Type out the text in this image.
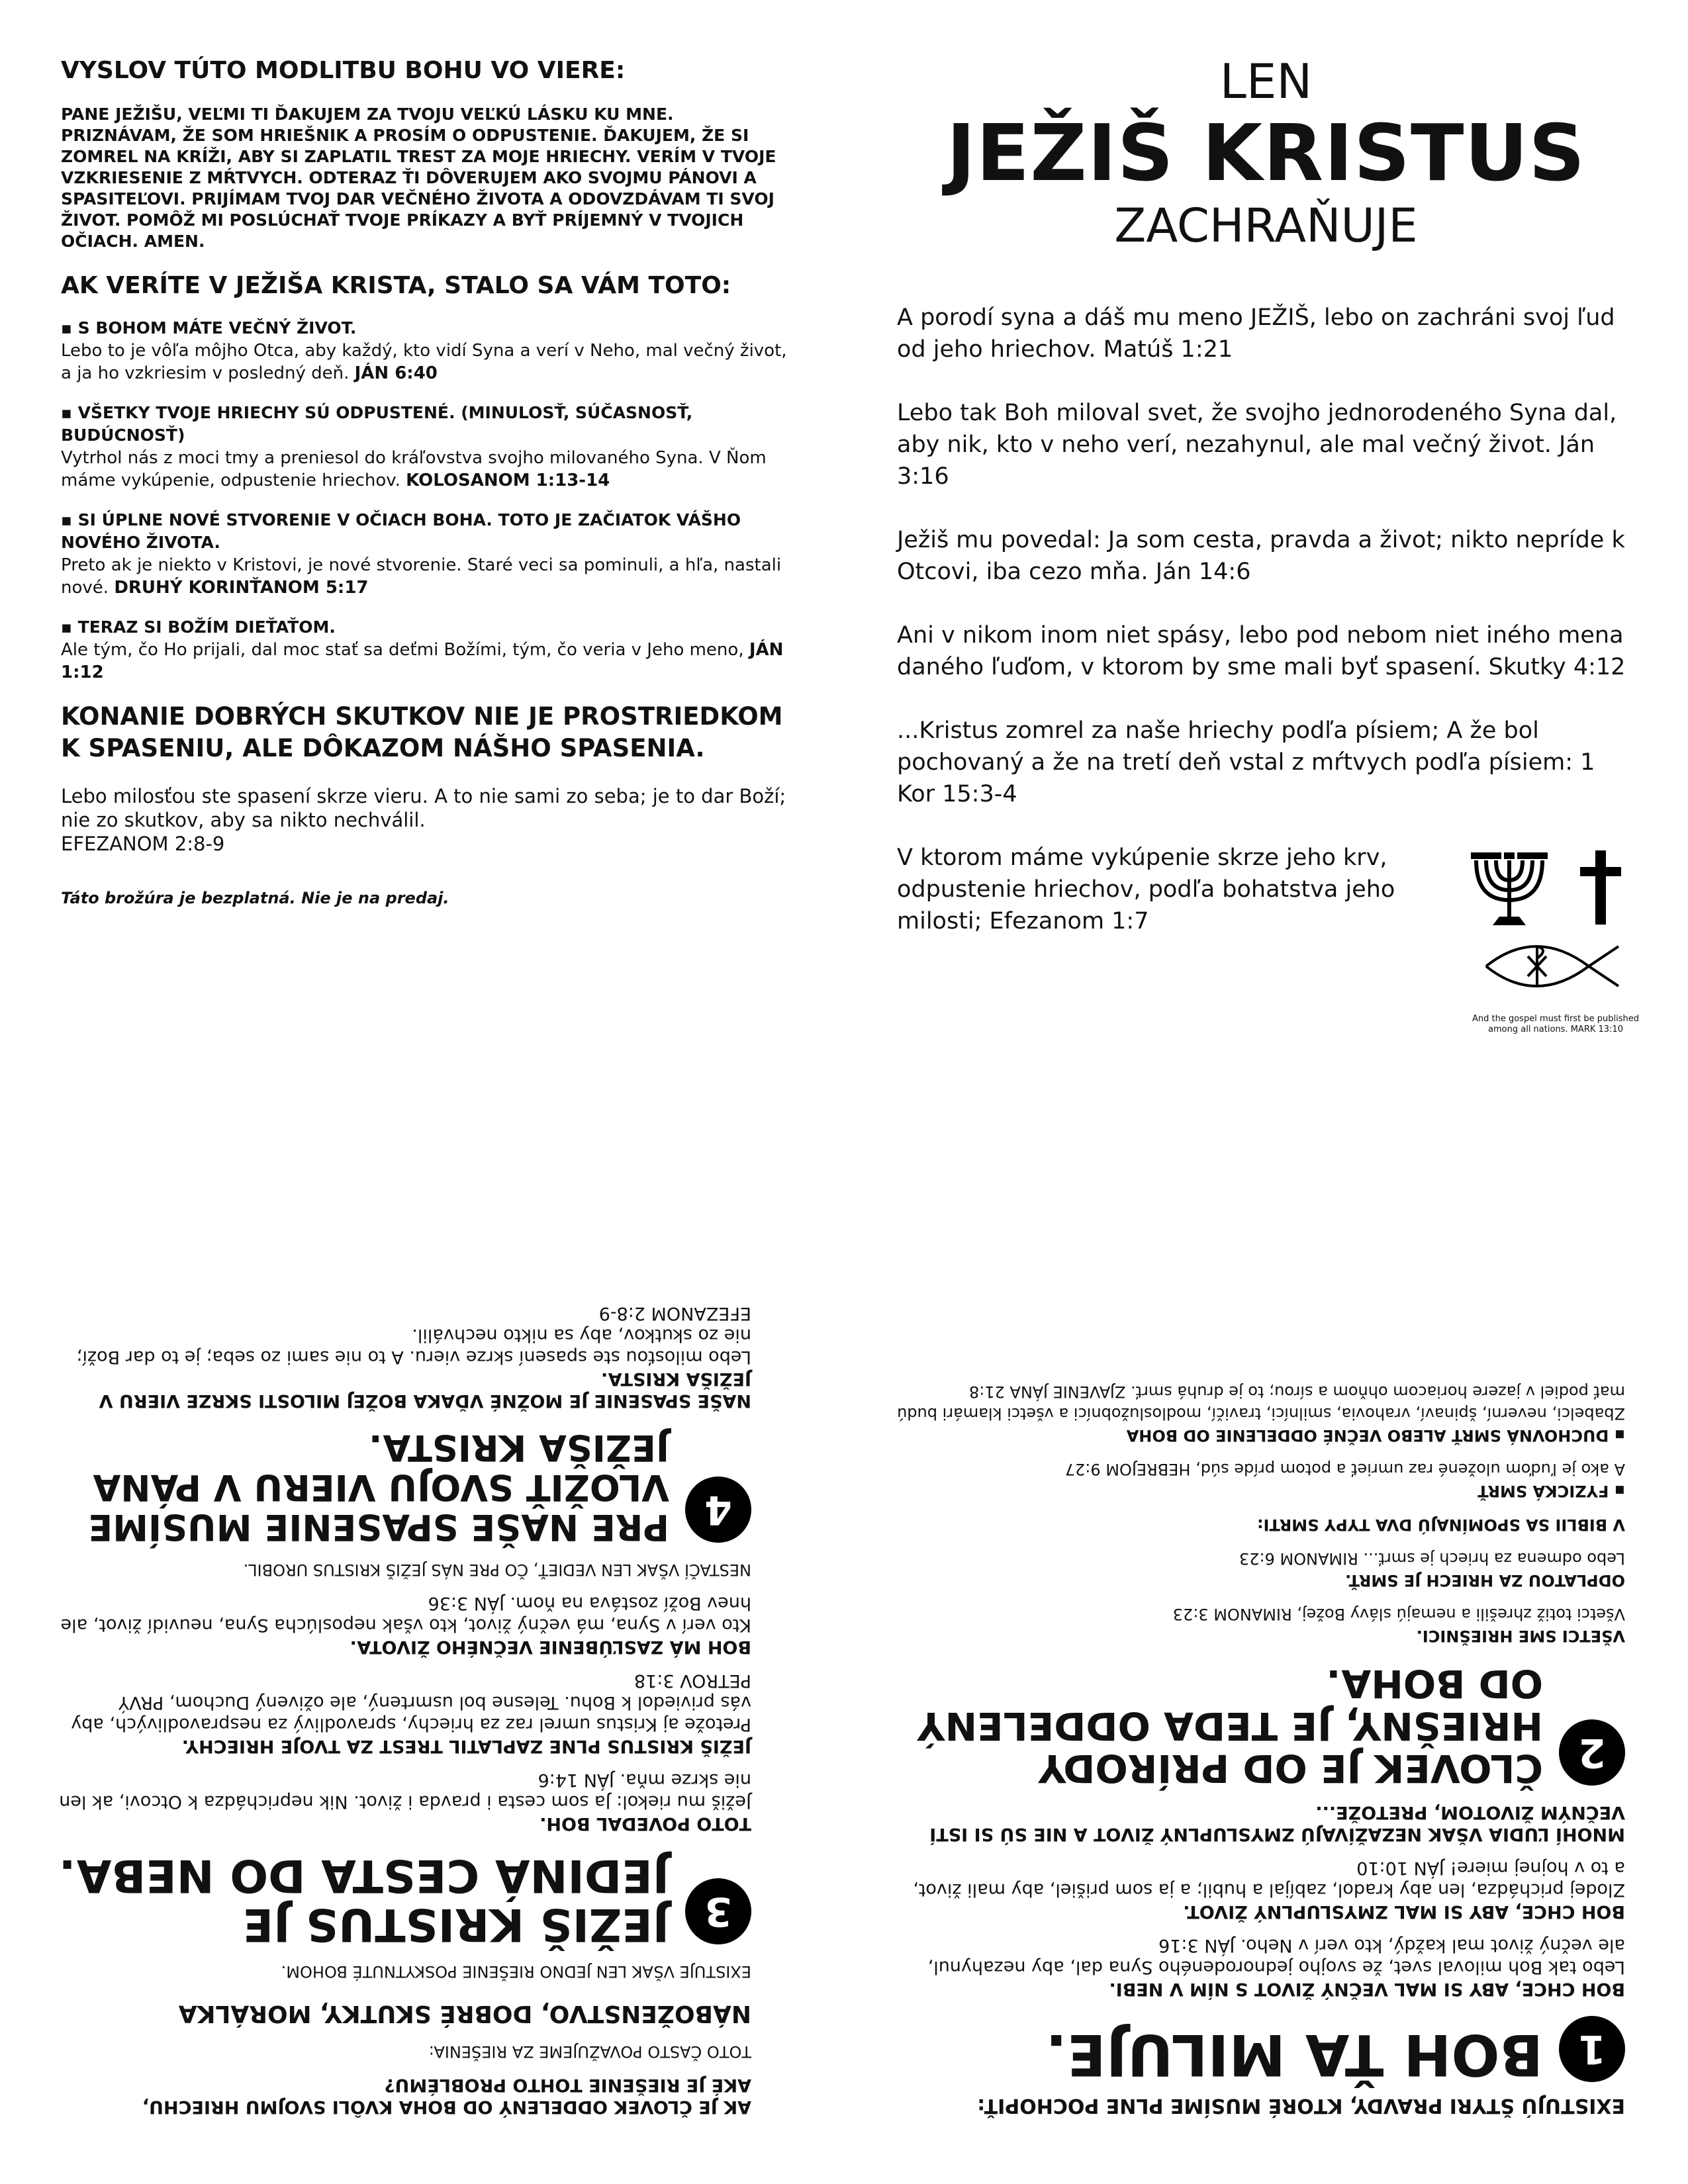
VYSLOV TÚTO MODLITBU BOHU VO VIERE:
PANE JEŽIŠU, VEĽMI TI ĎAKUJEM ZA TVOJU VEĽKÚ LÁSKU KU MNE. PRIZNÁVAM, ŽE SOM HRIEŠNIK A PROSÍM O ODPUSTENIE. ĎAKUJEM, ŽE SI ZOMREL NA KRÍŽI, ABY SI ZAPLATIL TREST ZA MOJE HRIECHY. VERÍM V TVOJE VZKRIESENIE Z MŔTVYCH. ODTERAZ ŤI DÔVERUJEM AKO SVOJMU PÁNOVI A SPASITEĽOVI. PRIJÍMAM TVOJ DAR VEČNÉHO ŽIVOTA A ODOVZDÁVAM TI SVOJ ŽIVOT. POMÔŽ MI POSLÚCHAŤ TVOJE PRÍKAZY A BYŤ PRÍJEMNÝ V TVOJICH OČIACH. AMEN.
AK VERÍTE V JEŽIŠA KRISTA, STALO SA VÁM TOTO:
▪ S BOHOM MÁTE VEČNÝ ŽIVOT.
Lebo to je vôľa môjho Otca, aby každý, kto vidí Syna a verí v Neho, mal večný život, a ja ho vzkriesim v posledný deň. JÁN 6:40
▪ VŠETKY TVOJE HRIECHY SÚ ODPUSTENÉ. (MINULOSŤ, SÚČASNOSŤ, BUDÚCNOSŤ)
Vytrhol nás z moci tmy a preniesol do kráľovstva svojho milovaného Syna. V Ňom máme vykúpenie, odpustenie hriechov. KOLOSANOM 1:13-14
▪ SI ÚPLNE NOVÉ STVORENIE V OČIACH BOHA. TOTO JE ZAČIATOK VÁŠHO NOVÉHO ŽIVOTA.
Preto ak je niekto v Kristovi, je nové stvorenie. Staré veci sa pominuli, a hľa, nastali nové. DRUHÝ KORINŤANOM 5:17
▪ TERAZ SI BOŽÍM DIEŤAŤOM.
Ale tým, čo Ho prijali, dal moc stať sa deťmi Božími, tým, čo veria v Jeho meno, JÁN 1:12
KONANIE DOBRÝCH SKUTKOV NIE JE PROSTRIEDKOM K SPASENIU, ALE DÔKAZOM NÁŠHO SPASENIA.
Lebo milosťou ste spasení skrze vieru. A to nie sami zo seba; je to dar Boží; nie zo skutkov, aby sa nikto nechválil.
EFEZANOM 2:8-9
Táto brožúra je bezplatná. Nie je na predaj.
LEN
JEŽIŠ KRISTUS
ZACHRAŇUJE
A porodí syna a dáš mu meno JEŽIŠ, lebo on zachráni svoj ľud od jeho hriechov. Matúš 1:21
Lebo tak Boh miloval svet, že svojho jednorodeného Syna dal, aby nik, kto v neho verí, nezahynul, ale mal večný život. Ján 3:16
Ježiš mu povedal: Ja som cesta, pravda a život; nikto nepríde k Otcovi, iba cezo mňa. Ján 14:6
Ani v nikom inom niet spásy, lebo pod nebom niet iného mena daného ľuďom, v ktorom by sme mali byť spasení. Skutky 4:12
...Kristus zomrel za naše hriechy podľa písiem; A že bol pochovaný a že na tretí deň vstal z mŕtvych podľa písiem: 1 Kor 15:3-4
V ktorom máme vykúpenie skrze jeho krv, odpustenie hriechov, podľa bohatstva jeho milosti; Efezanom 1:7
And the gospel must first be published
among all nations. MARK 13:10
AK JE ČLOVEK ODDELENÝ OD BOHA KVÔLI SVOJMU HRIECHU,
AKÉ JE RIEŠENIE TOHTO PROBLÉMU?
TOTO ČASTO POVAŽUJEME ZA RIEŠENIA:
NÁBOŽENSTVO, DOBRÉ SKUTKY, MORÁLKA
EXISTUJE VŠAK LEN JEDNO RIEŠENIE POSKYTNUTÉ BOHOM.
3
JEŽIŠ KRISTUS JE JEDINÁ CESTA DO NEBA.
TOTO POVEDAL BOH.
Ježiš mu riekol: Ja som cesta i pravda i život. Nik neprichádza k Otcovi, ak len nie skrze mňa. JÁN 14:6
JEŽIŠ KRISTUS PLNE ZAPLATIL TREST ZA TVOJE HRIECHY.
Pretože aj Kristus umrel raz za hriechy, spravodlivý za nespravodlivých, aby vás priviedol k Bohu. Telesne bol usmrtený, ale oživený Duchom, PRVÝ PETROV 3:18
BOH MÁ ZASĽÚBENIE VEČNÉHO ŽIVOTA.
Kto verí v Syna, má večný život, kto však neposlúcha Syna, neuvidí život, ale hnev Boží zostáva na ňom. JÁN 3:36
NESTAČÍ VŠAK LEN VEDIEŤ, ČO PRE NÁS JEŽIŠ KRISTUS UROBIL.
4
PRE NAŠE SPASENIE MUSÍME VLOŽIŤ SVOJU VIERU V PÁNA JEŽIŠA KRISTA.
NAŠE SPASENIE JE MOŽNÉ VĎAKA BOŽEJ MILOSTI SKRZE VIERU V JEŽIŠA KRISTA.
Lebo milosťou ste spasení skrze vieru. A to nie sami zo seba; je to dar Boží; nie zo skutkov, aby sa nikto nechválil.
EFEZANOM 2:8-9
EXISTUJÚ ŠTYRI PRAVDY, KTORÉ MUSÍME PLNE POCHOPIŤ:
1
BOH ŤA MILUJE.
BOH CHCE, ABY SI MAL VEČNÝ ŽIVOT S NÍM V NEBI.
Lebo tak Boh miloval svet, že svojho jednorodeného Syna dal, aby nezahynul, ale večný život mal každý, kto verí v Neho. JÁN 3:16
BOH CHCE, ABY SI MAL ZMYSLUPLNÝ ŽIVOT.
Zlodej prichádza, len aby kradol, zabíjal a hubil; a ja som prišiel, aby mali život, a to v hojnej miere! JÁN 10:10
MNOHÍ ĽUDIA VŠAK NEZAŽÍVAJÚ ZMYSLUPLNÝ ŽIVOT A NIE SÚ SI ISTÍ VEČNÝM ŽIVOTOM, PRETOŽE...
2
ČLOVEK JE OD PRÍRODY HRIEŠNY, JE TEDA ODDELENÝ OD BOHA.
VŠETCI SME HRIEŠNICI.
Všetci totiž zhrešili a nemajú slávy Božej, RIMANOM 3:23
ODPLATOU ZA HRIECH JE SMRŤ.
Lebo odmena za hriech je smrť... RIMANOM 6:23
V BIBLII SA SPOMÍNAJÚ DVA TYPY SMRTI:
▪ FYZICKÁ SMRŤ
A ako je ľuďom uložené raz umrieť a potom príde súd, HEBREJOM 9:27
▪ DUCHOVNÁ SMRŤ ALEBO VEČNÉ ODDELENIE OD BOHA
Zbabelci, neverní, špinaví, vrahovia, smilníci, travičí, modloslužobníci a všetci klamári budú mať podiel v jazere horiacom ohňom a sírou; to je druhá smrť. ZJAVENIE JÁNA 21:8
